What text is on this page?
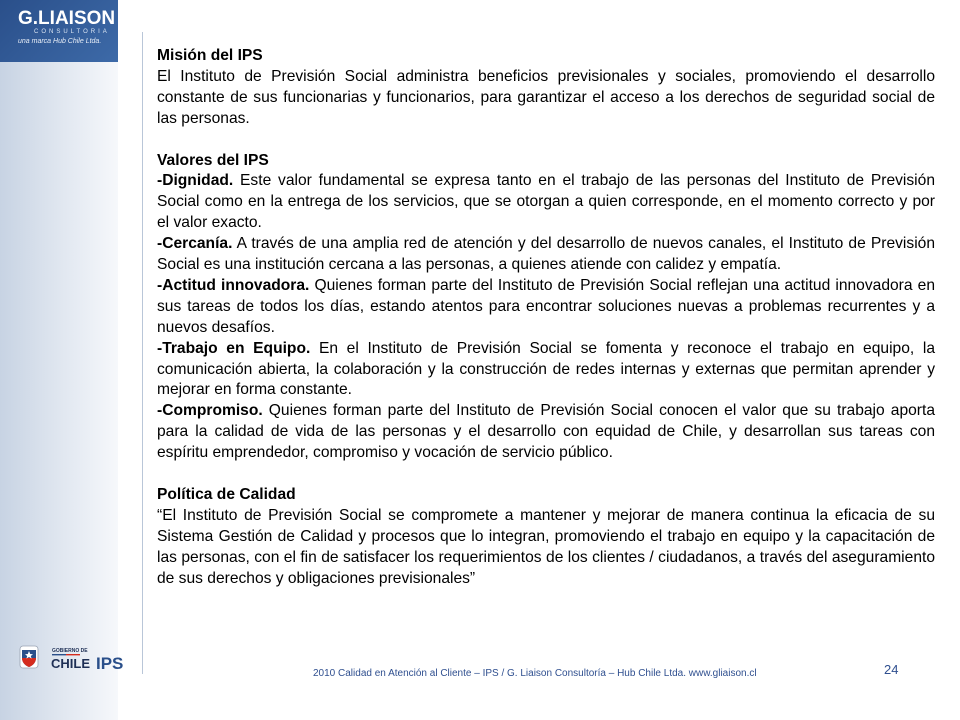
G.LIAISON
CONSULTORIA
una marca Hub Chile Ltda.

Misión del IPS

El Instituto de Previsión Social administra beneficios previsionales y sociales, promoviendo el desarrollo constante de sus funcionarias y funcionarios, para garantizar el acceso a los derechos de seguridad social de las personas.

Valores del IPS

-Dignidad. Este valor fundamental se expresa tanto en el trabajo de las personas del Instituto de Previsión Social como en la entrega de los servicios, que se otorgan a quien corresponde, en el momento correcto y por el valor exacto.

-Cercanía. A través de una amplia red de atención y del desarrollo de nuevos canales, el Instituto de Previsión Social es una institución cercana a las personas, a quienes atiende con calidez y empatía.

-Actitud innovadora. Quienes forman parte del Instituto de Previsión Social reflejan una actitud innovadora en sus tareas de todos los días, estando atentos para encontrar soluciones nuevas a problemas recurrentes y a nuevos desafíos.

-Trabajo en Equipo. En el Instituto de Previsión Social se fomenta y reconoce el trabajo en equipo, la comunicación abierta, la colaboración y la construcción de redes internas y externas que permitan aprender y mejorar en forma constante.

-Compromiso. Quienes forman parte del Instituto de Previsión Social conocen el valor que su trabajo aporta para la calidad de vida de las personas y el desarrollo con equidad de Chile, y desarrollan sus tareas con espíritu emprendedor, compromiso y vocación de servicio público.

Política de Calidad

“El Instituto de Previsión Social se compromete a mantener y mejorar de manera continua la eficacia de su Sistema Gestión de Calidad y procesos que lo integran, promoviendo el trabajo en equipo y la capacitación de las personas, con el fin de satisfacer los requerimientos de los clientes / ciudadanos, a través del aseguramiento de sus derechos y obligaciones previsionales”

GOBIERNO DE
CHILE IPS
2010 Calidad en Atención al Cliente – IPS / G. Liaison Consultoría – Hub Chile Ltda. www.gliaison.cl	24
